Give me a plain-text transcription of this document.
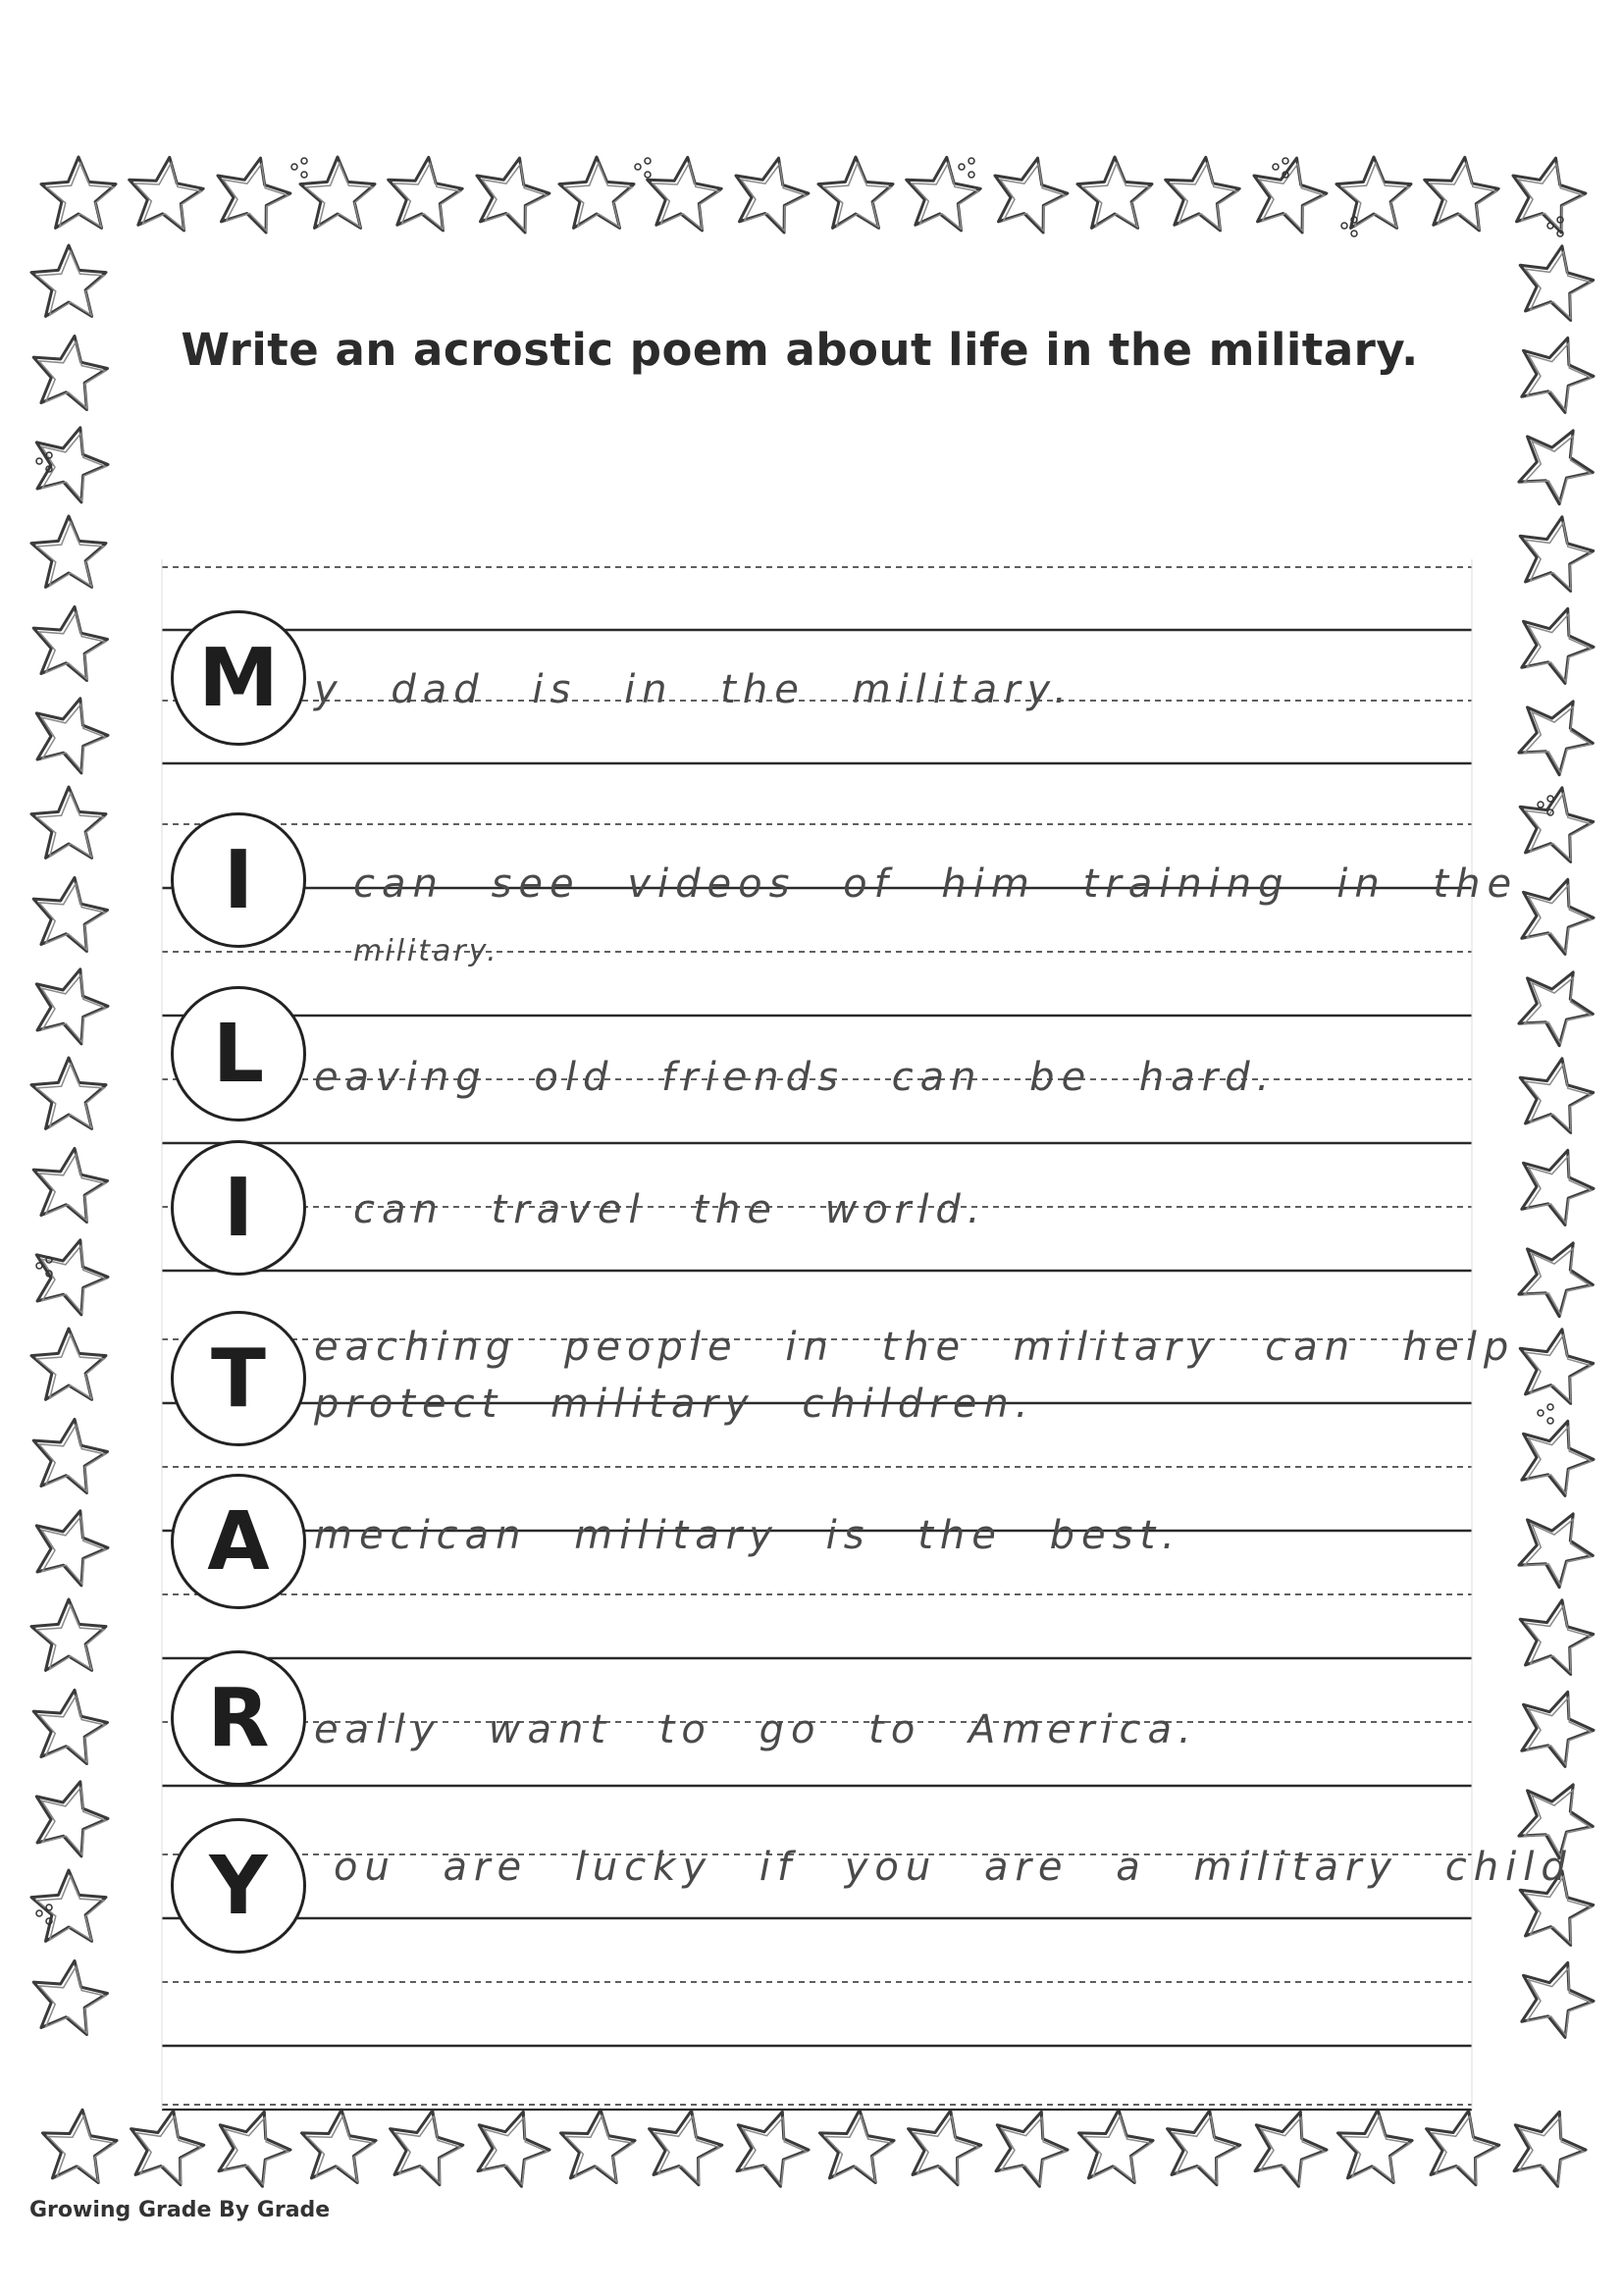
Write an acrostic poem about life in the military.
M
I
L
I
T
A
R
Y
y dad is in the military.
can see videos of him training in the
military.
eaving old friends can be hard.
can travel the world.
eaching people in the military can help
protect military children.
mecican military is the best.
eally want to go to America.
ou are lucky if you are a military child
Growing Grade By Grade
